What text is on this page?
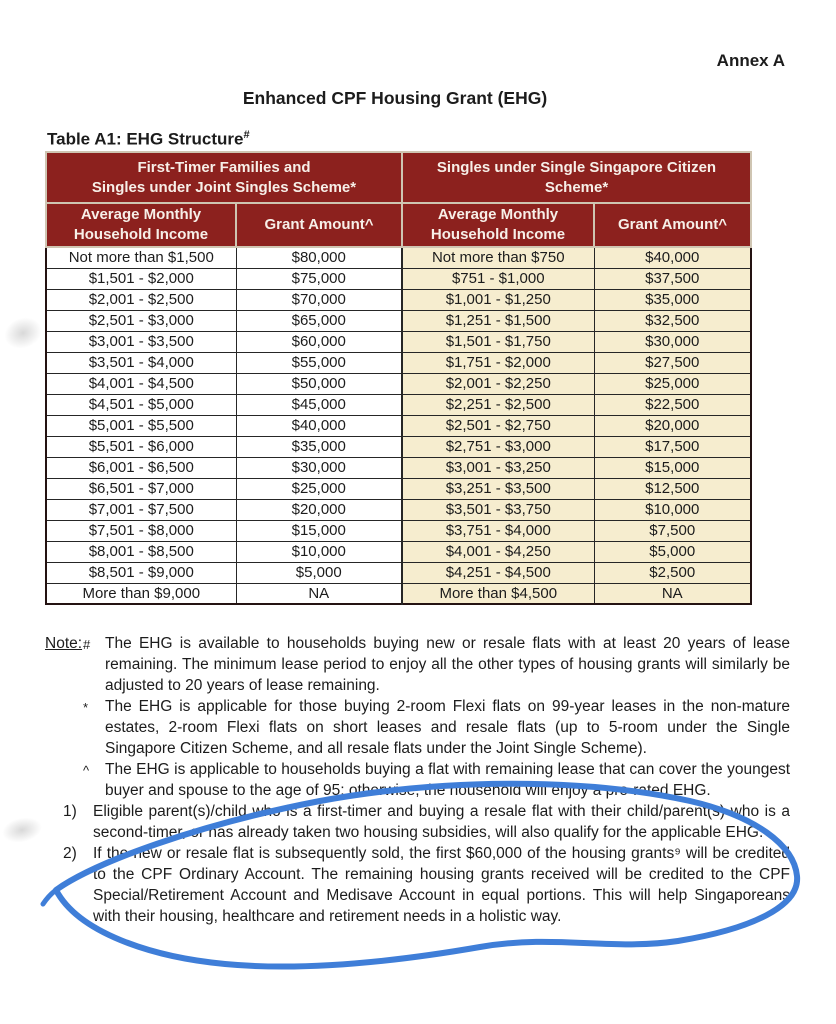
Annex A
Enhanced CPF Housing Grant (EHG)
Table A1: EHG Structure#
First-Timer Families and
Singles under Joint Singles Scheme*

Singles under Single Singapore Citizen
Scheme*

Average Monthly Household Income	Grant Amount^	Average Monthly Household Income	Grant Amount^
Not more than $1,500	$80,000	Not more than $750	$40,000
$1,501 - $2,000	$75,000	$751 - $1,000	$37,500
$2,001 - $2,500	$70,000	$1,001 - $1,250	$35,000
$2,501 - $3,000	$65,000	$1,251 - $1,500	$32,500
$3,001 - $3,500	$60,000	$1,501 - $1,750	$30,000
$3,501 - $4,000	$55,000	$1,751 - $2,000	$27,500
$4,001 - $4,500	$50,000	$2,001 - $2,250	$25,000
$4,501 - $5,000	$45,000	$2,251 - $2,500	$22,500
$5,001 - $5,500	$40,000	$2,501 - $2,750	$20,000
$5,501 - $6,000	$35,000	$2,751 - $3,000	$17,500
$6,001 - $6,500	$30,000	$3,001 - $3,250	$15,000
$6,501 - $7,000	$25,000	$3,251 - $3,500	$12,500
$7,001 - $7,500	$20,000	$3,501 - $3,750	$10,000
$7,501 - $8,000	$15,000	$3,751 - $4,000	$7,500
$8,001 - $8,500	$10,000	$4,001 - $4,250	$5,000
$8,501 - $9,000	$5,000	$4,251 - $4,500	$2,500
More than $9,000	NA	More than $4,500	NA
Note: # The EHG is available to households buying new or resale flats with at least 20 years of lease remaining. The minimum lease period to enjoy all the other types of housing grants will similarly be adjusted to 20 years of lease remaining.
* The EHG is applicable for those buying 2-room Flexi flats on 99-year leases in the non-mature estates, 2-room Flexi flats on short leases and resale flats (up to 5-room under the Single Singapore Citizen Scheme, and all resale flats under the Joint Single Scheme).
^ The EHG is applicable to households buying a flat with remaining lease that can cover the youngest buyer and spouse to the age of 95; otherwise, the household will enjoy a pro-rated EHG.
1) Eligible parent(s)/child who is a first-timer and buying a resale flat with their child/parent(s) who is a second-timer, or has already taken two housing subsidies, will also qualify for the applicable EHG.
2) If the new or resale flat is subsequently sold, the first $60,000 of the housing grants⁹ will be credited to the CPF Ordinary Account. The remaining housing grants received will be credited to the CPF Special/Retirement Account and Medisave Account in equal portions. This will help Singaporeans with their housing, healthcare and retirement needs in a holistic way.
